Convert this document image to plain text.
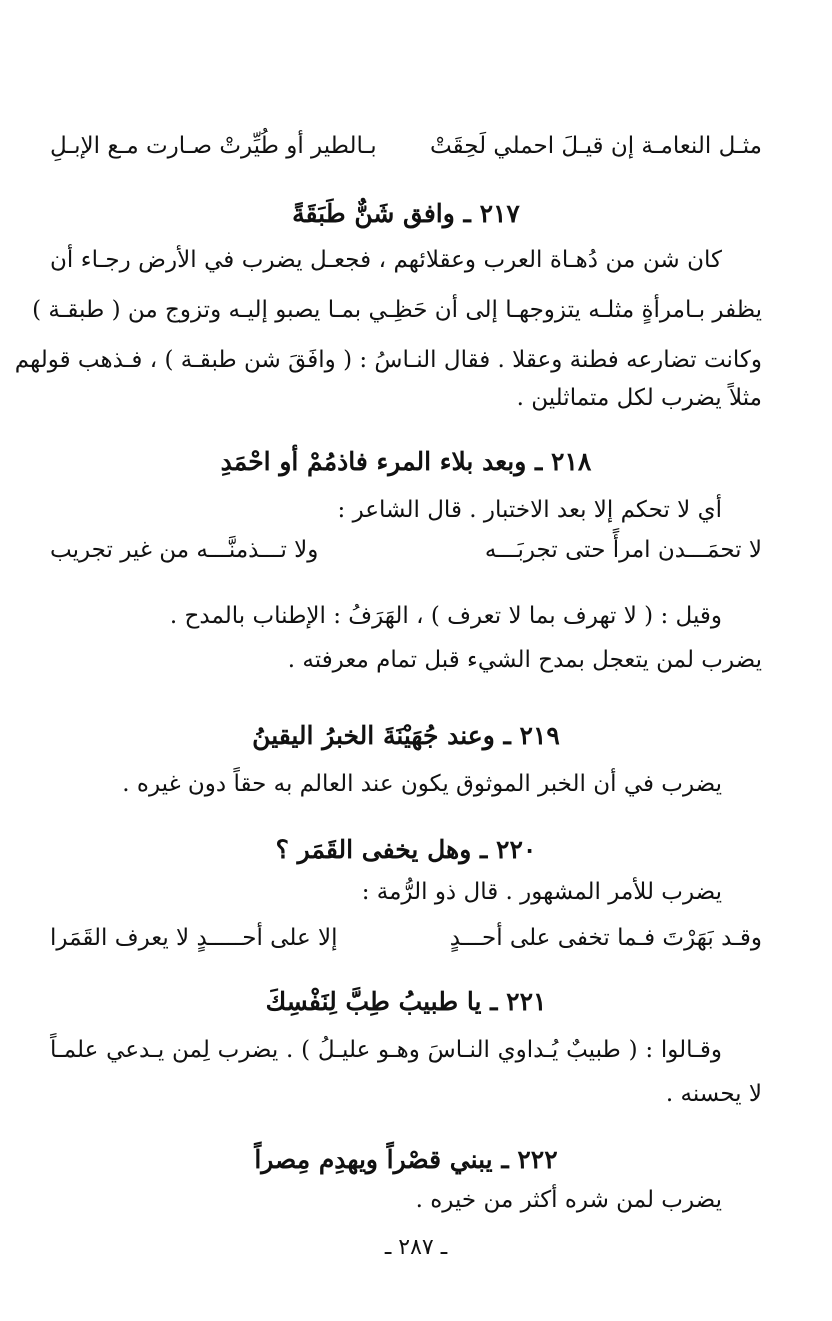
مثـل النعامـة إن قيـلَ احملي لَحِقَتْ
بـالطير أو طُيِّرتْ صـارت مـع الإبـلِ
٢١٧ ـ وافق شَنٌّ طَبَقَةً
كان شن من دُهـاة العرب وعقلائهم ، فجعـل يضرب في الأرض رجـاء أن
يظفر بـامرأةٍ مثلـه يتزوجهـا إلى أن حَظِـي بمـا يصبو إليـه وتزوج من ( طبقـة )
وكانت تضارعه فطنة وعقلا . فقال النـاسُ : ( وافَقَ شن طبقـة ) ، فـذهب قولهم
مثلاً يضرب لكل متماثلين .
٢١٨ ـ وبعد بلاء المرء فاذمُمْ أو احْمَدِ
أي لا تحكم إلا بعد الاختبار . قال الشاعر :
لا تحمَـــدن امرأً حتى تجربَـــه
ولا تـــذمنَّـــه من غير تجريب
وقيل : ( لا تهرف بما لا تعرف ) ، الهَرَفُ : الإطناب بالمدح .
يضرب لمن يتعجل بمدح الشيء قبل تمام معرفته .
٢١٩ ـ وعند جُهَيْنَةَ الخبرُ اليقينُ
يضرب في أن الخبر الموثوق يكون عند العالم به حقاً دون غيره .
٢٢٠ ـ وهل يخفى القَمَر ؟
يضرب للأمر المشهور . قال ذو الرُّمة :
وقـد بَهَرْتَ فـما تخفى على أحـــدٍ
إلا على أحـــــدٍ لا يعرف القَمَرا
٢٢١ ـ يا طبيبُ طِبَّ لِنَفْسِكَ
وقـالوا : ( طبيبٌ يُـداوي النـاسَ وهـو عليـلُ ) . يضرب لِمن يـدعي علمـاً
لا يحسنه .
٢٢٢ ـ يبني قصْراً ويهدِم مِصراً
يضرب لمن شره أكثر من خيره .
ـ ٢٨٧ ـ
